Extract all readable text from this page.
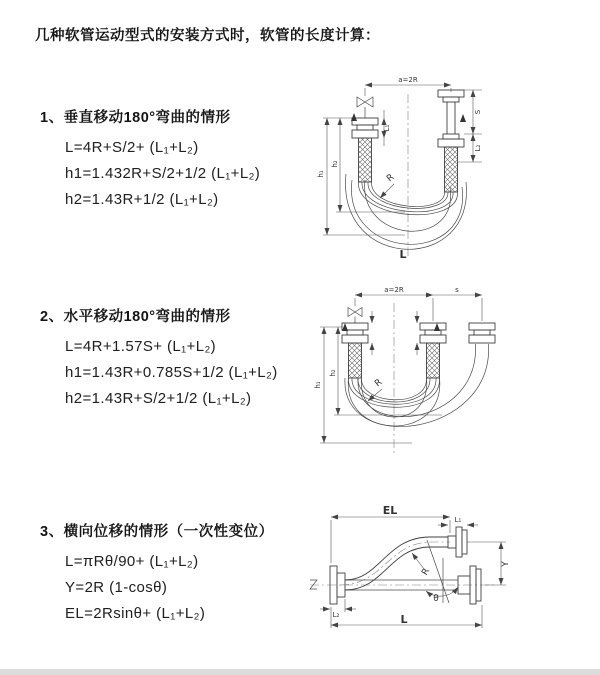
几种软管运动型式的安装方式时，软管的长度计算：
1、垂直移动180°弯曲的情形
L=4R+S/2+ (L₁+L₂)
h1=1.432R+S/2+1/2 (L₁+L₂)
h2=1.43R+1/2 (L₁+L₂)
2、水平移动180°弯曲的情形
L=4R+1.57S+ (L₁+L₂)
h1=1.43R+0.785S+1/2 (L₁+L₂)
h2=1.43R+S/2+1/2 (L₁+L₂)
3、横向位移的情形（一次性变位）
L=πRθ/90+ (L₁+L₂)
Y=2R (1-cosθ)
EL=2Rsinθ+ (L₁+L₂)
a=2R
L₁
S
L₂
h₂
h₁	R
L
a=2R	s
h₂
h₁	R
EL
L₁
Y
L
L₂
R
θ
